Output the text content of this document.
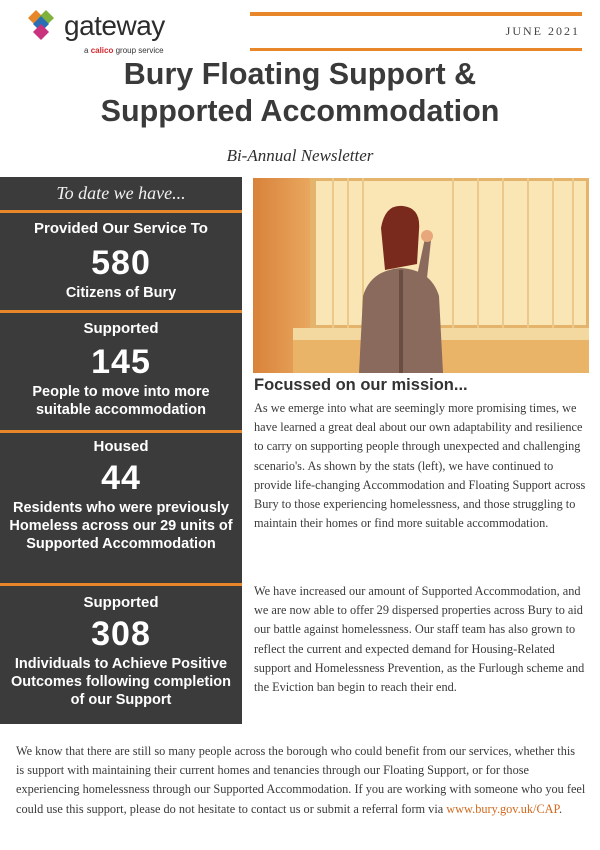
gateway
a calico group service
JUNE 2021
Bury Floating Support &
Supported Accommodation
Bi-Annual Newsletter
To date we have...
Provided Our Service To
580
Citizens of Bury
Supported
145
People to move into more suitable accommodation
Housed
44
Residents who were previously Homeless across our 29 units of Supported Accommodation
Supported
308
Individuals to Achieve Positive Outcomes following completion of our Support
Focussed on our mission...

As we emerge into what are seemingly more promising times, we have learned a great deal about our own adaptability and resilience to carry on supporting people through unexpected and challenging scenario's. As shown by the stats (left), we have continued to provide life-changing Accommodation and Floating Support across Bury to those experiencing homelessness, and those struggling to maintain their homes or find more suitable accommodation.

We have increased our amount of Supported Accommodation, and we are now able to offer 29 dispersed properties across Bury to aid our battle against homelessness. Our staff team has also grown to reflect the current and expected demand for Housing-Related support and Homelessness Prevention, as the Furlough scheme and the Eviction ban begin to reach their end.

We know that there are still so many people across the borough who could benefit from our services, whether this is support with maintaining their current homes and tenancies through our Floating Support, or for those experiencing homelessness through our Supported Accommodation. If you are working with someone who you feel could use this support, please do not hesitate to contact us or submit a referral form via www.bury.gov.uk/CAP.
